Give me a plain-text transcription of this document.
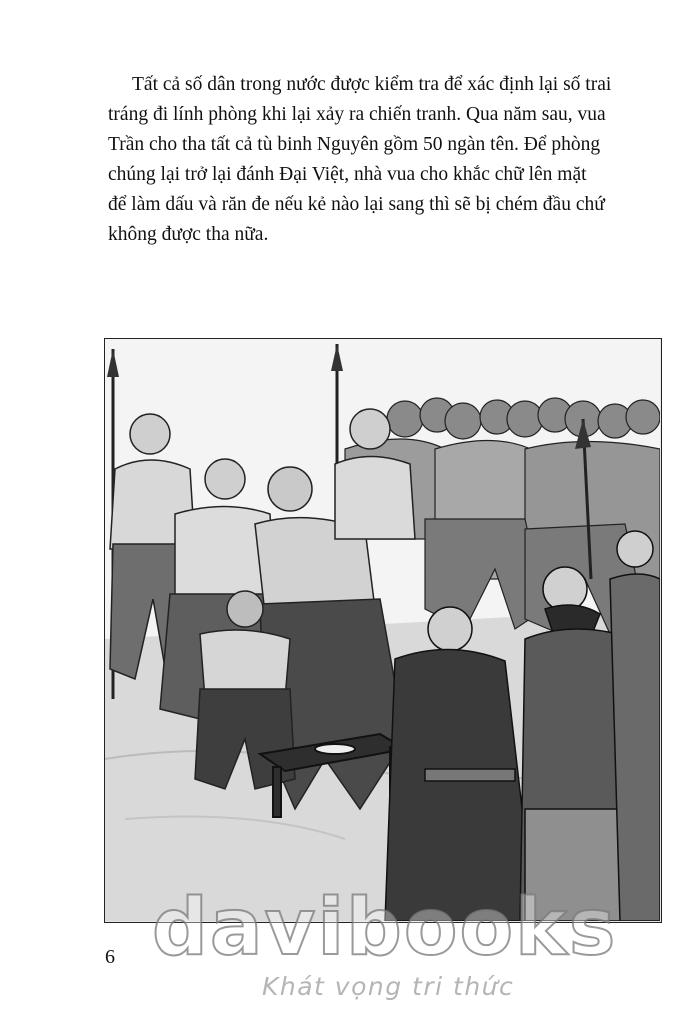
Tất cả số dân trong nước được kiểm tra để xác định lại số trai
tráng đi lính phòng khi lại xảy ra chiến tranh. Qua năm sau, vua
Trần cho tha tất cả tù binh Nguyên gồm 50 ngàn tên. Để phòng
chúng lại trở lại đánh Đại Việt, nhà vua cho khắc chữ lên mặt
để làm dấu và răn đe nếu kẻ nào lại sang thì sẽ bị chém đầu chứ
không được tha nữa.

davibooks
6
Khát vọng tri thức
